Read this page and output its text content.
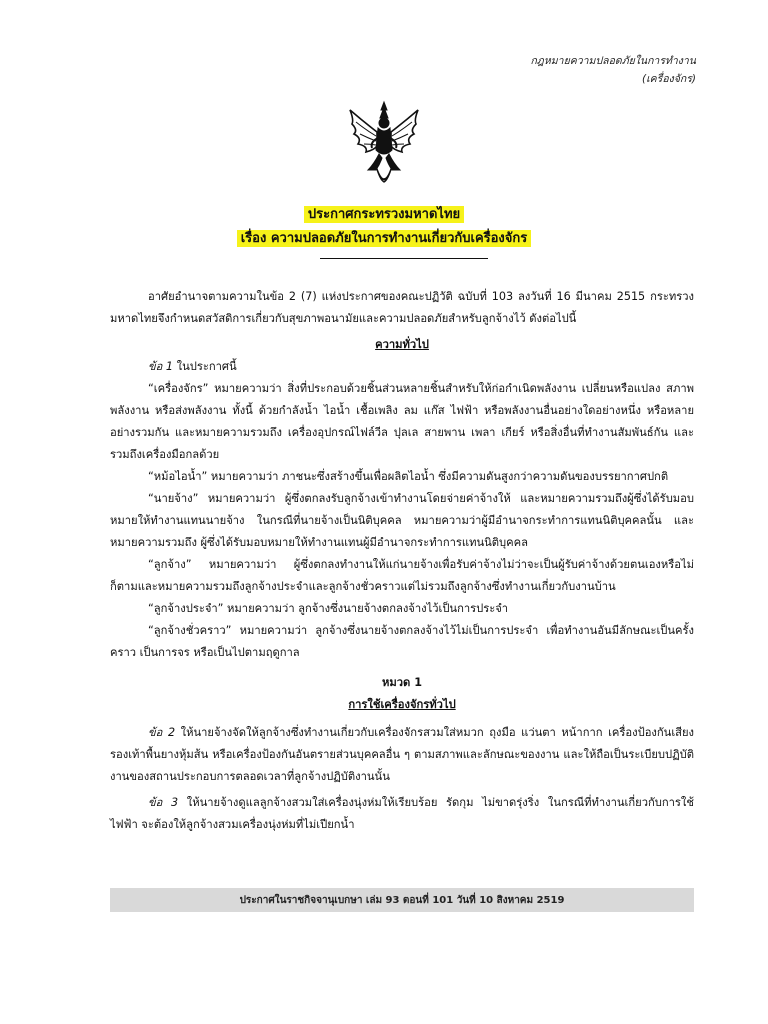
กฎหมายความปลอดภัยในการทำงาน
(เครื่องจักร)
ประกาศกระทรวงมหาดไทย
เรื่อง ความปลอดภัยในการทำงานเกี่ยวกับเครื่องจักร

อาศัยอำนาจตามความในข้อ 2 (7) แห่งประกาศของคณะปฏิวัติ ฉบับที่ 103 ลงวันที่ 16 มีนาคม 2515 กระทรวงมหาดไทยจึงกำหนดสวัสดิการเกี่ยวกับสุขภาพอนามัยและความปลอดภัยสำหรับลูกจ้างไว้ ดังต่อไปนี้

ความทั่วไป

ข้อ 1 ในประกาศนี้

“เครื่องจักร” หมายความว่า สิ่งที่ประกอบด้วยชิ้นส่วนหลายชิ้นสำหรับให้ก่อกำเนิดพลังงาน เปลี่ยนหรือแปลง สภาพพลังงาน หรือส่งพลังงาน ทั้งนี้ ด้วยกำลังน้ำ ไอน้ำ เชื้อเพลิง ลม แก๊ส ไฟฟ้า หรือพลังงานอื่นอย่างใดอย่างหนึ่ง หรือหลายอย่างรวมกัน และหมายความรวมถึง เครื่องอุปกรณ์ไฟล์วีล ปุลเล สายพาน เพลา เกียร์ หรือสิ่งอื่นที่ทำงานสัมพันธ์กัน และรวมถึงเครื่องมือกลด้วย

“หม้อไอน้ำ” หมายความว่า ภาชนะซึ่งสร้างขึ้นเพื่อผลิตไอน้ำ ซึ่งมีความดันสูงกว่าความดันของบรรยากาศปกติ

“นายจ้าง” หมายความว่า ผู้ซึ่งตกลงรับลูกจ้างเข้าทำงานโดยจ่ายค่าจ้างให้ และหมายความรวมถึงผู้ซึ่งได้รับมอบหมายให้ทำงานแทนนายจ้าง ในกรณีที่นายจ้างเป็นนิติบุคคล หมายความว่าผู้มีอำนาจกระทำการแทนนิติบุคคลนั้น และหมายความรวมถึง ผู้ซึ่งได้รับมอบหมายให้ทำงานแทนผู้มีอำนาจกระทำการแทนนิติบุคคล

“ลูกจ้าง” หมายความว่า ผู้ซึ่งตกลงทำงานให้แก่นายจ้างเพื่อรับค่าจ้างไม่ว่าจะเป็นผู้รับค่าจ้างด้วยตนเองหรือไม่ก็ตามและหมายความรวมถึงลูกจ้างประจำและลูกจ้างชั่วคราวแต่ไม่รวมถึงลูกจ้างซึ่งทำงานเกี่ยวกับงานบ้าน

“ลูกจ้างประจำ” หมายความว่า ลูกจ้างซึ่งนายจ้างตกลงจ้างไว้เป็นการประจำ

“ลูกจ้างชั่วคราว” หมายความว่า ลูกจ้างซึ่งนายจ้างตกลงจ้างไว้ไม่เป็นการประจำ เพื่อทำงานอันมีลักษณะเป็นครั้งคราว เป็นการจร หรือเป็นไปตามฤดูกาล

หมวด 1

การใช้เครื่องจักรทั่วไป

ข้อ 2 ให้นายจ้างจัดให้ลูกจ้างซึ่งทำงานเกี่ยวกับเครื่องจักรสวมใส่หมวก ถุงมือ แว่นตา หน้ากาก เครื่องป้องกันเสียง รองเท้าพื้นยางหุ้มส้น หรือเครื่องป้องกันอันตรายส่วนบุคคลอื่น ๆ ตามสภาพและลักษณะของงาน และให้ถือเป็นระเบียบปฏิบัติงานของสถานประกอบการตลอดเวลาที่ลูกจ้างปฏิบัติงานนั้น

ข้อ 3 ให้นายจ้างดูแลลูกจ้างสวมใส่เครื่องนุ่งห่มให้เรียบร้อย รัดกุม ไม่ขาดรุ่งริ่ง ในกรณีที่ทำงานเกี่ยวกับการใช้ไฟฟ้า จะต้องให้ลูกจ้างสวมเครื่องนุ่งห่มที่ไม่เปียกน้ำ

ประกาศในราชกิจจานุเบกษา เล่ม 93 ตอนที่ 101 วันที่ 10 สิงหาคม 2519
